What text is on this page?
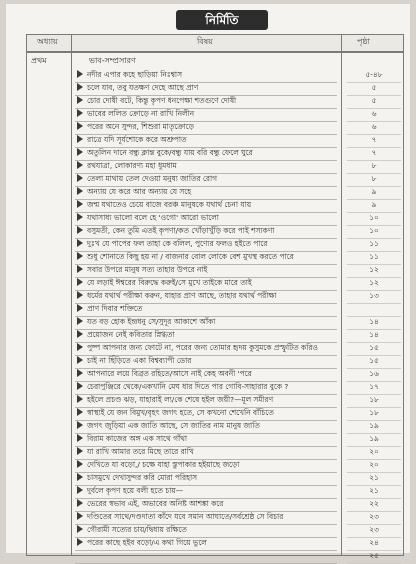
নির্মিতি
অধ্যায়	বিষয়	পৃষ্ঠা
প্রথম	ভাব-সম্প্রসারণ
নদীর এপার কহে ছাড়িয়া নিঃশ্বাস	৫-৪৮
চলে যাব, তবু যতক্ষণ দেহে আছে প্রাণ	৫
চোর দোষী বটে, কিন্তু কৃপণ ধনপেক্ষা শতগুণে দোষী	৫
ভাবের ললিত ক্রোড়ে না রাখি নিলীন	৬
পরের অনে সুন্দর, শিশুরা মাতৃক্রোড়ে	৬
রাত্রে যদি সূর্যশোকে করে অশ্রুপাত	৭
অতুলিন দানে বন্ধু ক্লান্ত বুকে/বন্ধু যায় বরি বন্ধু ফেলে ঘুরে	৭
রথযাত্রা, লোকারণ্য মহা ধুমধাম	৮
তেলা মাথায় তেল দেওয়া মনুষ্য জাতির রোগ	৮
অন্যায় যে করে আর অন্যায় যে সহে	৯
জন্ম যথাতেও চেয়ে বাজে বরঞ্চ মানুষকে যথার্থ চেনা যায়	৯
যথাসাধ্য ভালো বলে হে 'ওগো' আরো ভালো	১০
বসুমতী, কেন তুমি এতই কৃপণা/কত খোঁড়াখুঁড়ি করে পাই শস্যকণা	১০
দুঃখ যে পাপের ফল তাহা কে বলিল, পুণ্যের ফলও হইতে পারে	১১
শুধু শোনাতে কিছু হয় না / বাজনার বোল লোকে বেশ মুখস্থ করতে পারে	১১
সবার উপরে মানুষ সত্য তাহার উপরে নাই	১২
যে লড়াই ঈশ্বরের বিরুদ্ধে করুই/সে মুখে তাইকে মারে তাই	১২
ধর্মের যথার্থ পরীক্ষা করুন, যাহার প্রাণ আছে, তাহার যথার্থ পরীক্ষা	১৩
প্রাণ দিবার শক্তিতে
যত বড় হোক ইন্দ্রধনু সে/সুদূর আকাশে আঁকা	১৪
প্রয়োজন নেই কবিতার স্নিগ্ধতা	১৪
পুষ্প আপনার জন্য ফোটে না, পরের জন্য তোমার হৃদয় কুসুমকে প্রস্ফুটিত করিও	১৫
চাই না ছিঁড়িতে একা বিশ্বব্যাপী ডোর	১৫
আপনারে লয়ে বিব্রত রহিতে/আসে নাই কেহ অবনী 'পরে	১৬
চেরাপুঞ্জিরে থেকে/একখানি মেঘ ধার দিতে পার গোবি-সাহারার বুকে ?	১৭
হইলে প্রচণ্ড ঝড়, যাহারাই ল্য/কে শেষে হইল জয়ী?—মূল সমীরণ	১৮
স্বাস্থ্যই যে জন বিমুখ/বৃহৎ জগৎ হতে, সে কখনো শেখেনি বাঁচিতে	১৮
জগৎ জুড়িয়া এক জাতি আছে, সে জাতির নাম মানুষ জাতি	১৯
বিরাম কাজের অঙ্গ এক সাথে গাঁথা	১৯
যা রাখি আমার তরে মিছে তারে রাখি	২০
দেখিতে যা বড়ো,/ চক্ষে যাহা স্তুপাকার হইয়াছে জড়ো	২০
চাসমুখে দেখাসুন্দর করি মোরা পরিহাস	২১
দুর্বলে কৃপণ হয়ে বলী হতে চায়—	২১
ভেরের স্বভাব এই, অভাবের অনিষ্ট আশঙ্কা করে	২২
দণ্ডিতের সাথে/দণ্ডদাতা কাঁদে যবে সমান আঘাতে/সর্বশ্রেষ্ঠ সে বিচার	২৩
গৌরামী সত্যের চায়/দ্বিধায় রক্ষিতে	২৩
পরের কাছে হইব বড়ো/এ কথা গিয়ে ভুলে	২৪
২৫
